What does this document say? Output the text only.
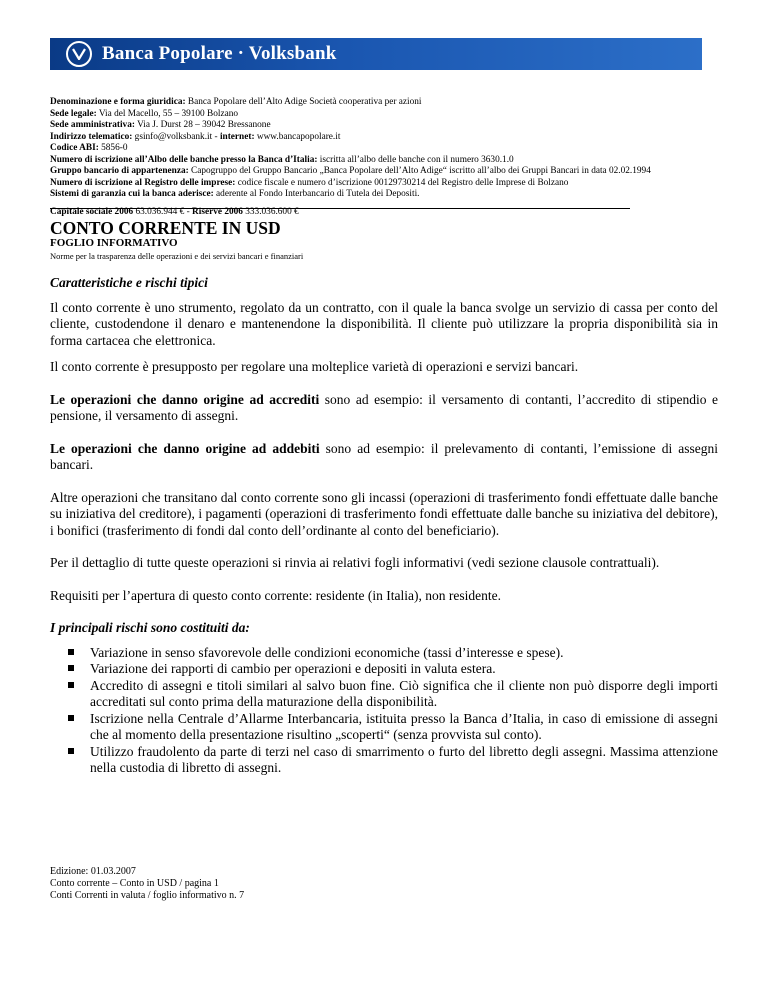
Banca Popolare · Volksbank
Denominazione e forma giuridica: Banca Popolare dell’Alto Adige Società cooperativa per azioni
Sede legale: Via del Macello, 55 – 39100 Bolzano
Sede amministrativa: Via J. Durst 28 – 39042 Bressanone
Indirizzo telematico: gsinfo@volksbank.it - internet: www.bancapopolare.it
Codice ABI: 5856-0
Numero di iscrizione all’Albo delle banche presso la Banca d’Italia: iscritta all’albo delle banche con il numero 3630.1.0
Gruppo bancario di appartenenza: Capogruppo del Gruppo Bancario „Banca Popolare dell’Alto Adige“ iscritto all’albo dei Gruppi Bancari in data 02.02.1994
Numero di iscrizione al Registro delle imprese: codice fiscale e numero d’iscrizione 00129730214 del Registro delle Imprese di Bolzano
Sistemi di garanzia cui la banca aderisce: aderente al Fondo Interbancario di Tutela dei Depositi.
Capitale sociale 2006 63.036.944 € - Riserve 2006 333.036.600 €
CONTO CORRENTE IN USD
FOGLIO INFORMATIVO
Norme per la trasparenza delle operazioni e dei servizi bancari e finanziari
Caratteristiche e rischi tipici

Il conto corrente è uno strumento, regolato da un contratto, con il quale la banca svolge un servizio di cassa per conto del cliente, custodendone il denaro e mantenendone la disponibilità. Il cliente può utilizzare la propria disponibilità sia in forma cartacea che elettronica.

Il conto corrente è presupposto per regolare una molteplice varietà di operazioni e servizi bancari.

Le operazioni che danno origine ad accrediti sono ad esempio: il versamento di contanti, l’accredito di stipendio e pensione, il versamento di assegni.

Le operazioni che danno origine ad addebiti sono ad esempio: il prelevamento di contanti, l’emissione di assegni bancari.

Altre operazioni che transitano dal conto corrente sono gli incassi (operazioni di trasferimento fondi effettuate dalle banche su iniziativa del creditore), i pagamenti (operazioni di trasferimento fondi effettuate dalle banche su iniziativa del debitore), i bonifici (trasferimento di fondi dal conto dell’ordinante al conto del beneficiario).

Per il dettaglio di tutte queste operazioni si rinvia ai relativi fogli informativi (vedi sezione clausole contrattuali).

Requisiti per l’apertura di questo conto corrente: residente (in Italia), non residente.

I principali rischi sono costituiti da:
Variazione in senso sfavorevole delle condizioni economiche (tassi d’interesse e spese).
Variazione dei rapporti di cambio per operazioni e depositi in valuta estera.
Accredito di assegni e titoli similari al salvo buon fine. Ciò significa che il cliente non può disporre degli importi accreditati sul conto prima della maturazione della disponibilità.
Iscrizione nella Centrale d’Allarme Interbancaria, istituita presso la Banca d’Italia, in caso di emissione di assegni che al momento della presentazione risultino „scoperti“ (senza provvista sul conto).
Utilizzo fraudolento da parte di terzi nel caso di smarrimento o furto del libretto degli assegni. Massima attenzione nella custodia di libretto di assegni.
Edizione: 01.03.2007
Conto corrente – Conto in USD / pagina 1
Conti Correnti in valuta / foglio informativo n. 7
